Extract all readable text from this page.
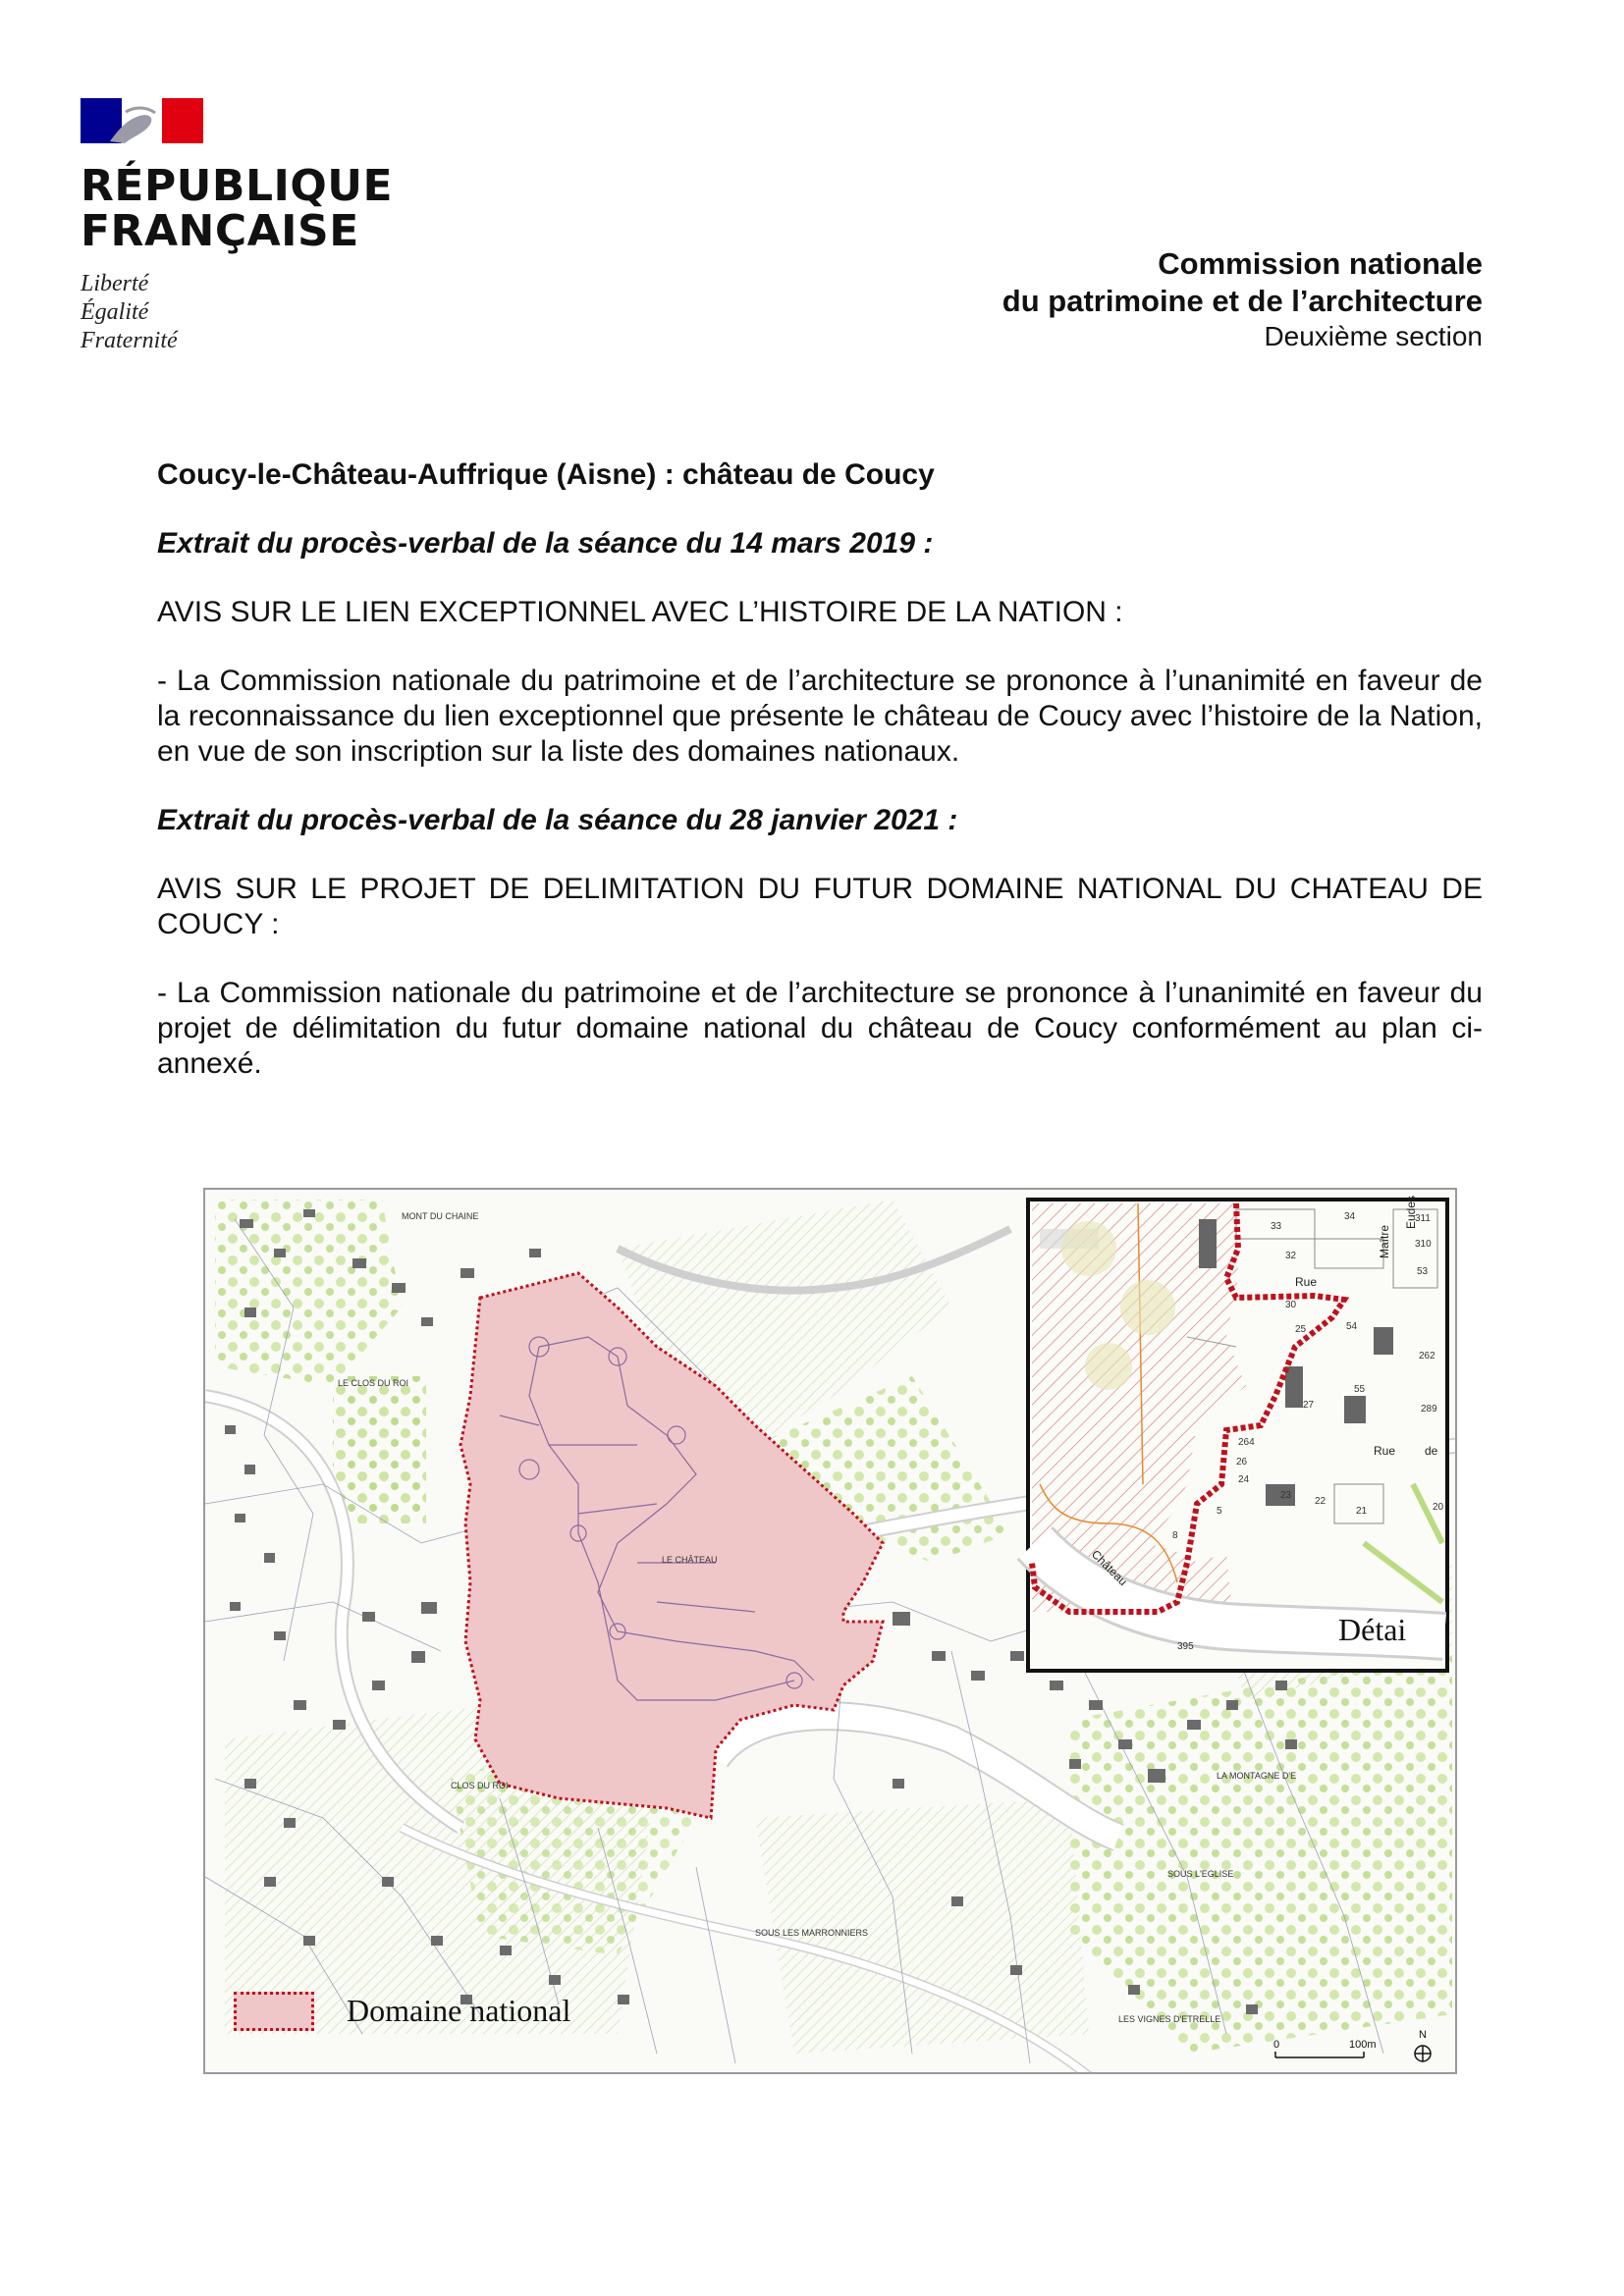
RÉPUBLIQUE
FRANÇAISE
Liberté
Égalité
Fraternité
Commission nationale
du patrimoine et de l’architecture
Deuxième section

Coucy-le-Château-Auffrique (Aisne) : château de Coucy

Extrait du procès-verbal de la séance du 14 mars 2019 :

AVIS SUR LE LIEN EXCEPTIONNEL AVEC L’HISTOIRE DE LA NATION :

- La Commission nationale du patrimoine et de l’architecture se prononce à l’unanimité en faveur de la reconnaissance du lien exceptionnel que présente le château de Coucy avec l’histoire de la Nation, en vue de son inscription sur la liste des domaines nationaux.

Extrait du procès-verbal de la séance du 28 janvier 2021 :

AVIS SUR LE PROJET DE DELIMITATION DU FUTUR DOMAINE NATIONAL DU CHATEAU DE COUCY :

- La Commission nationale du patrimoine et de l’architecture se prononce à l’unanimité en faveur du projet de délimitation du futur domaine national du château de Coucy conformément au plan ci-annexé.

MONT DU CHAINE
LE CLOS DU ROI
LE CHÂTEAU
CLOS DU ROI
SOUS LES MARRONNIERS
LA MONTAGNE D'E
SOUS L'EGLISE
LES VIGNES D'ETRELLE
33
34	311
310
32
53
30
25	54
262
27
55
289
26
264
24
23
22
21	20
395
8
5
Rue
Maître
Eudes
Rue de
Château
0	100m
N
Détai
Domaine national
